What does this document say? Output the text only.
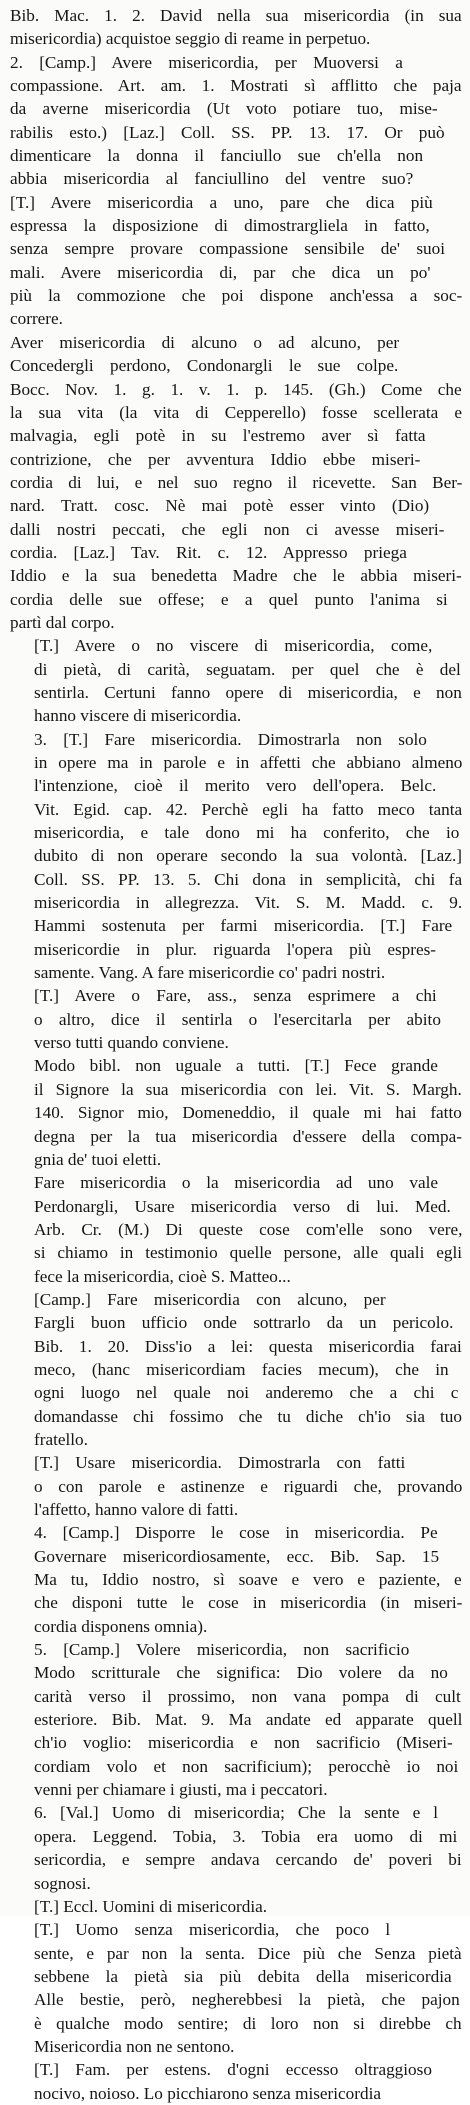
Bib. Mac. 1. 2. David nella sua misericordia (in sua
misericordia) acquistoe seggio di reame in perpetuo.
2. [Camp.] Avere misericordia, per Muoversi a
compassione. Art. am. 1. Mostrati sì afflitto che paja
da averne misericordia (Ut voto potiare tuo, mise-
rabilis esto.) [Laz.] Coll. SS. PP. 13. 17. Or può
dimenticare la donna il fanciullo sue ch'ella non
abbia misericordia al fanciullino del ventre suo?
[T.] Avere misericordia a uno, pare che dica più
espressa la disposizione di dimostrargliela in fatto,
senza sempre provare compassione sensibile de' suoi
mali. Avere misericordia di, par che dica un po'
più la commozione che poi dispone anch'essa a soc-
correre.
Aver misericordia di alcuno o ad alcuno, per
Concedergli perdono, Condonargli le sue colpe.
Bocc. Nov. 1. g. 1. v. 1. p. 145. (Gh.) Come che
la sua vita (la vita di Cepperello) fosse scellerata e
malvagia, egli potè in su l'estremo aver sì fatta
contrizione, che per avventura Iddio ebbe miseri-
cordia di lui, e nel suo regno il ricevette. San Ber-
nard. Tratt. cosc. Nè mai potè esser vinto (Dio)
dalli nostri peccati, che egli non ci avesse miseri-
cordia. [Laz.] Tav. Rit. c. 12. Appresso priega
Iddio e la sua benedetta Madre che le abbia miseri-
cordia delle sue offese; e a quel punto l'anima si
partì dal corpo.
[T.] Avere o no viscere di misericordia, come,
di pietà, di carità, seguatam. per quel che è del
sentirla. Certuni fanno opere di misericordia, e non
hanno viscere di misericordia.
3. [T.] Fare misericordia. Dimostrarla non solo
in opere ma in parole e in affetti che abbiano almeno
l'intenzione, cioè il merito vero dell'opera. Belc.
Vit. Egid. cap. 42. Perchè egli ha fatto meco tanta
misericordia, e tale dono mi ha conferito, che io
dubito di non operare secondo la sua volontà. [Laz.]
Coll. SS. PP. 13. 5. Chi dona in semplicità, chi fa
misericordia in allegrezza. Vit. S. M. Madd. c. 9.
Hammi sostenuta per farmi misericordia. [T.] Fare
misericordie in plur. riguarda l'opera più espres-
samente. Vang. A fare misericordie co' padri nostri.
[T.] Avere o Fare, ass., senza esprimere a chi
o altro, dice il sentirla o l'esercitarla per abito
verso tutti quando conviene.
Modo bibl. non uguale a tutti. [T.] Fece grande
il Signore la sua misericordia con lei. Vit. S. Margh.
140. Signor mio, Domeneddio, il quale mi hai fatto
degna per la tua misericordia d'essere della compa-
gnia de' tuoi eletti.
Fare misericordia o la misericordia ad uno vale
Perdonargli, Usare misericordia verso di lui. Med.
Arb. Cr. (M.) Di queste cose com'elle sono vere,
si chiamo in testimonio quelle persone, alle quali egli
fece la misericordia, cioè S. Matteo...
[Camp.] Fare misericordia con alcuno, per
Fargli buon ufficio onde sottrarlo da un pericolo.
Bib. 1. 20. Diss'io a lei: questa misericordia farai
meco, (hanc misericordiam facies mecum), che in
ogni luogo nel quale noi anderemo che a chi c
domandasse chi fossimo che tu diche ch'io sia tuo
fratello.
[T.] Usare misericordia. Dimostrarla con fatti
o con parole e astinenze e riguardi che, provando
l'affetto, hanno valore di fatti.
4. [Camp.] Disporre le cose in misericordia. Pe
Governare misericordiosamente, ecc. Bib. Sap. 15
Ma tu, Iddio nostro, sì soave e vero e paziente, e
che disponi tutte le cose in misericordia (in miseri-
cordia disponens omnia).
5. [Camp.] Volere misericordia, non sacrificio
Modo scritturale che significa: Dio volere da no
carità verso il prossimo, non vana pompa di cult
esteriore. Bib. Mat. 9. Ma andate ed apparate quell
ch'io voglio: misericordia e non sacrificio (Miseri-
cordiam volo et non sacrificium); perocchè io noi
venni per chiamare i giusti, ma i peccatori.
6. [Val.] Uomo di misericordia; Che la sente e l
opera. Leggend. Tobia, 3. Tobia era uomo di mi
sericordia, e sempre andava cercando de' poveri bi
sognosi.
[T.] Eccl. Uomini di misericordia.
[T.] Uomo senza misericordia, che poco l
sente, e par non la senta. Dice più che Senza pietà
sebbene la pietà sia più debita della misericordia
Alle bestie, però, negherebbesi la pietà, che pajon
è qualche modo sentire; di loro non si direbbe ch
Misericordia non ne sentono.
[T.] Fam. per estens. d'ogni eccesso oltraggioso
nocivo, noioso. Lo picchiarono senza misericordia
